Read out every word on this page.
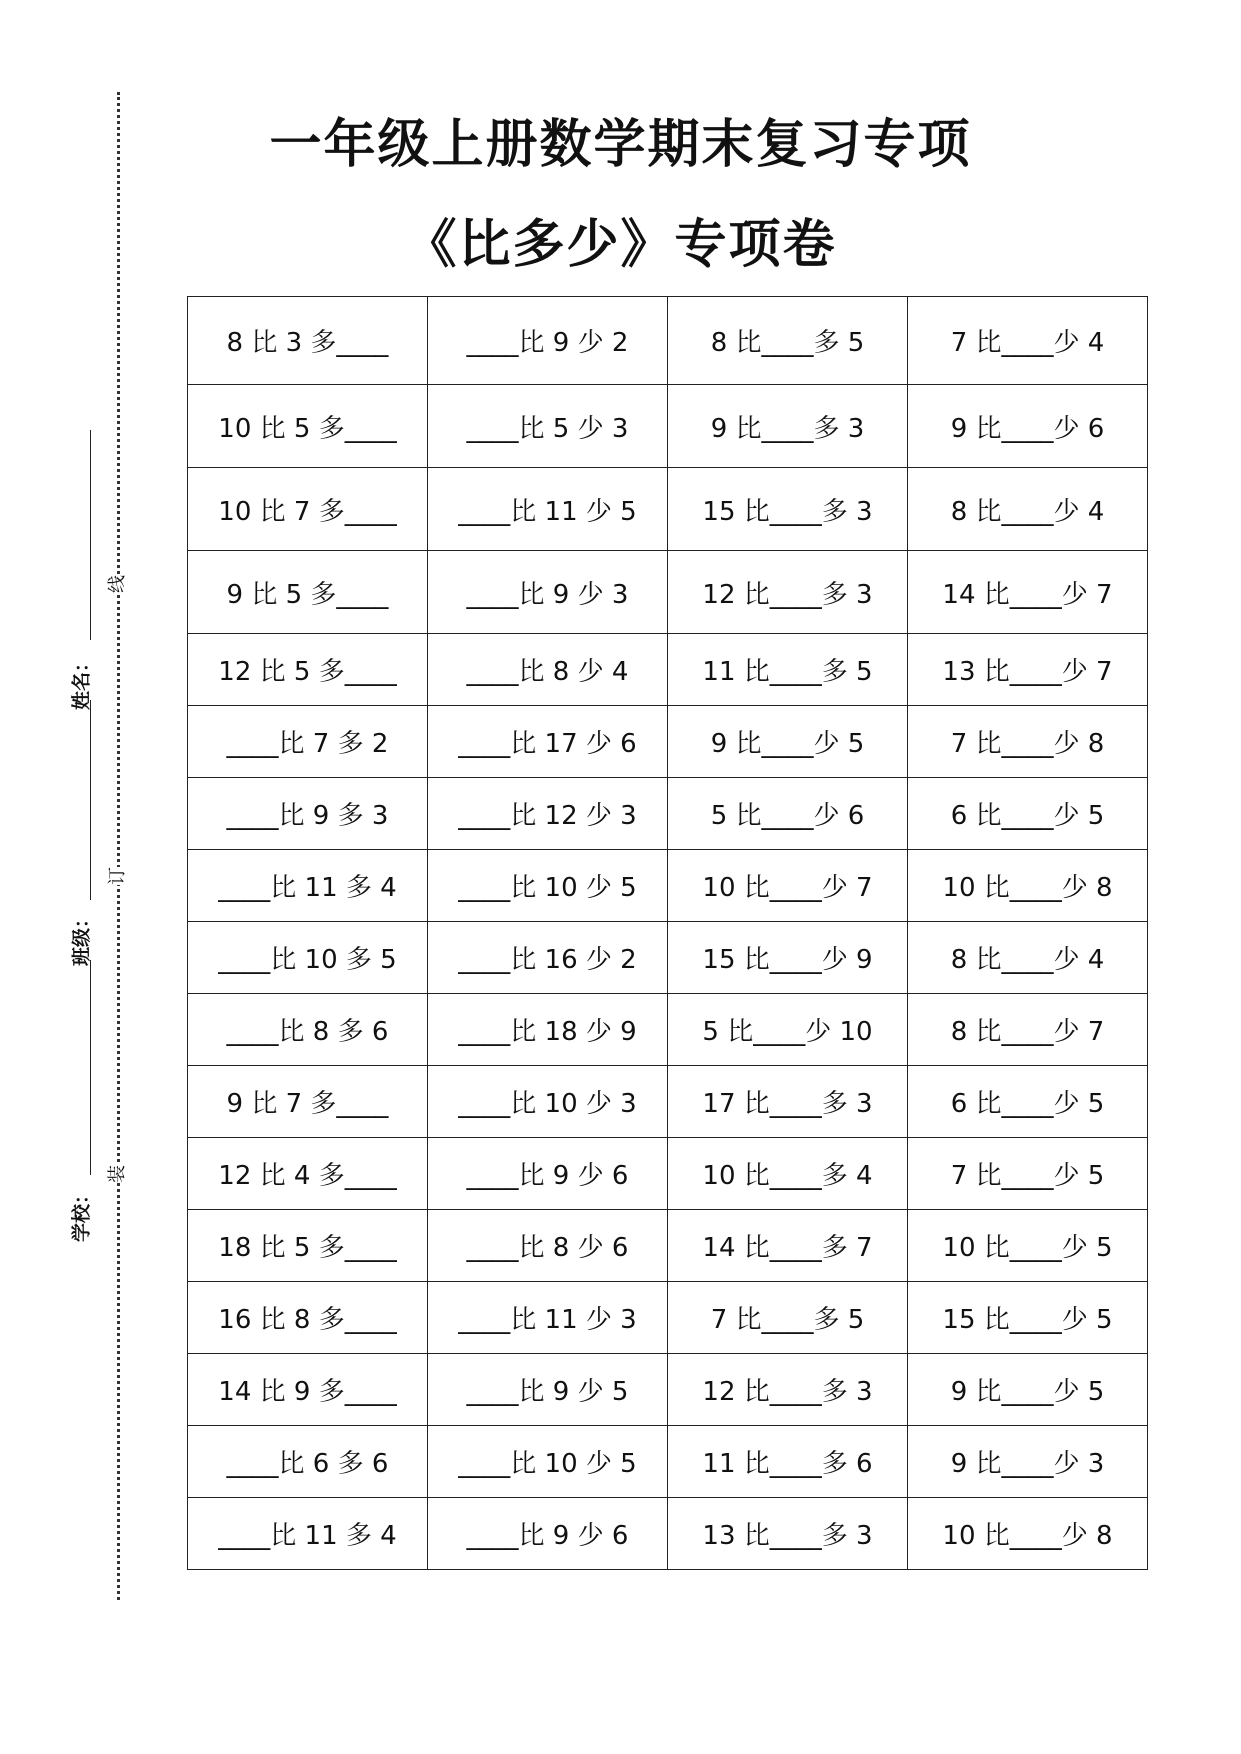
一年级上册数学期末复习专项
《比多少》专项卷
线
订
装
姓名：
班级：
学校：
8 比 3 多____	____比 9 少 2	8 比____多 5	7 比____少 4
10 比 5 多____	____比 5 少 3	9 比____多 3	9 比____少 6
10 比 7 多____	____比 11 少 5	15 比____多 3	8 比____少 4
9 比 5 多____	____比 9 少 3	12 比____多 3	14 比____少 7
12 比 5 多____	____比 8 少 4	11 比____多 5	13 比____少 7
____比 7 多 2	____比 17 少 6	9 比____少 5	7 比____少 8
____比 9 多 3	____比 12 少 3	5 比____少 6	6 比____少 5
____比 11 多 4	____比 10 少 5	10 比____少 7	10 比____少 8
____比 10 多 5	____比 16 少 2	15 比____少 9	8 比____少 4
____比 8 多 6	____比 18 少 9	5 比____少 10	8 比____少 7
9 比 7 多____	____比 10 少 3	17 比____多 3	6 比____少 5
12 比 4 多____	____比 9 少 6	10 比____多 4	7 比____少 5
18 比 5 多____	____比 8 少 6	14 比____多 7	10 比____少 5
16 比 8 多____	____比 11 少 3	7 比____多 5	15 比____少 5
14 比 9 多____	____比 9 少 5	12 比____多 3	9 比____少 5
____比 6 多 6	____比 10 少 5	11 比____多 6	9 比____少 3
____比 11 多 4	____比 9 少 6	13 比____多 3	10 比____少 8
